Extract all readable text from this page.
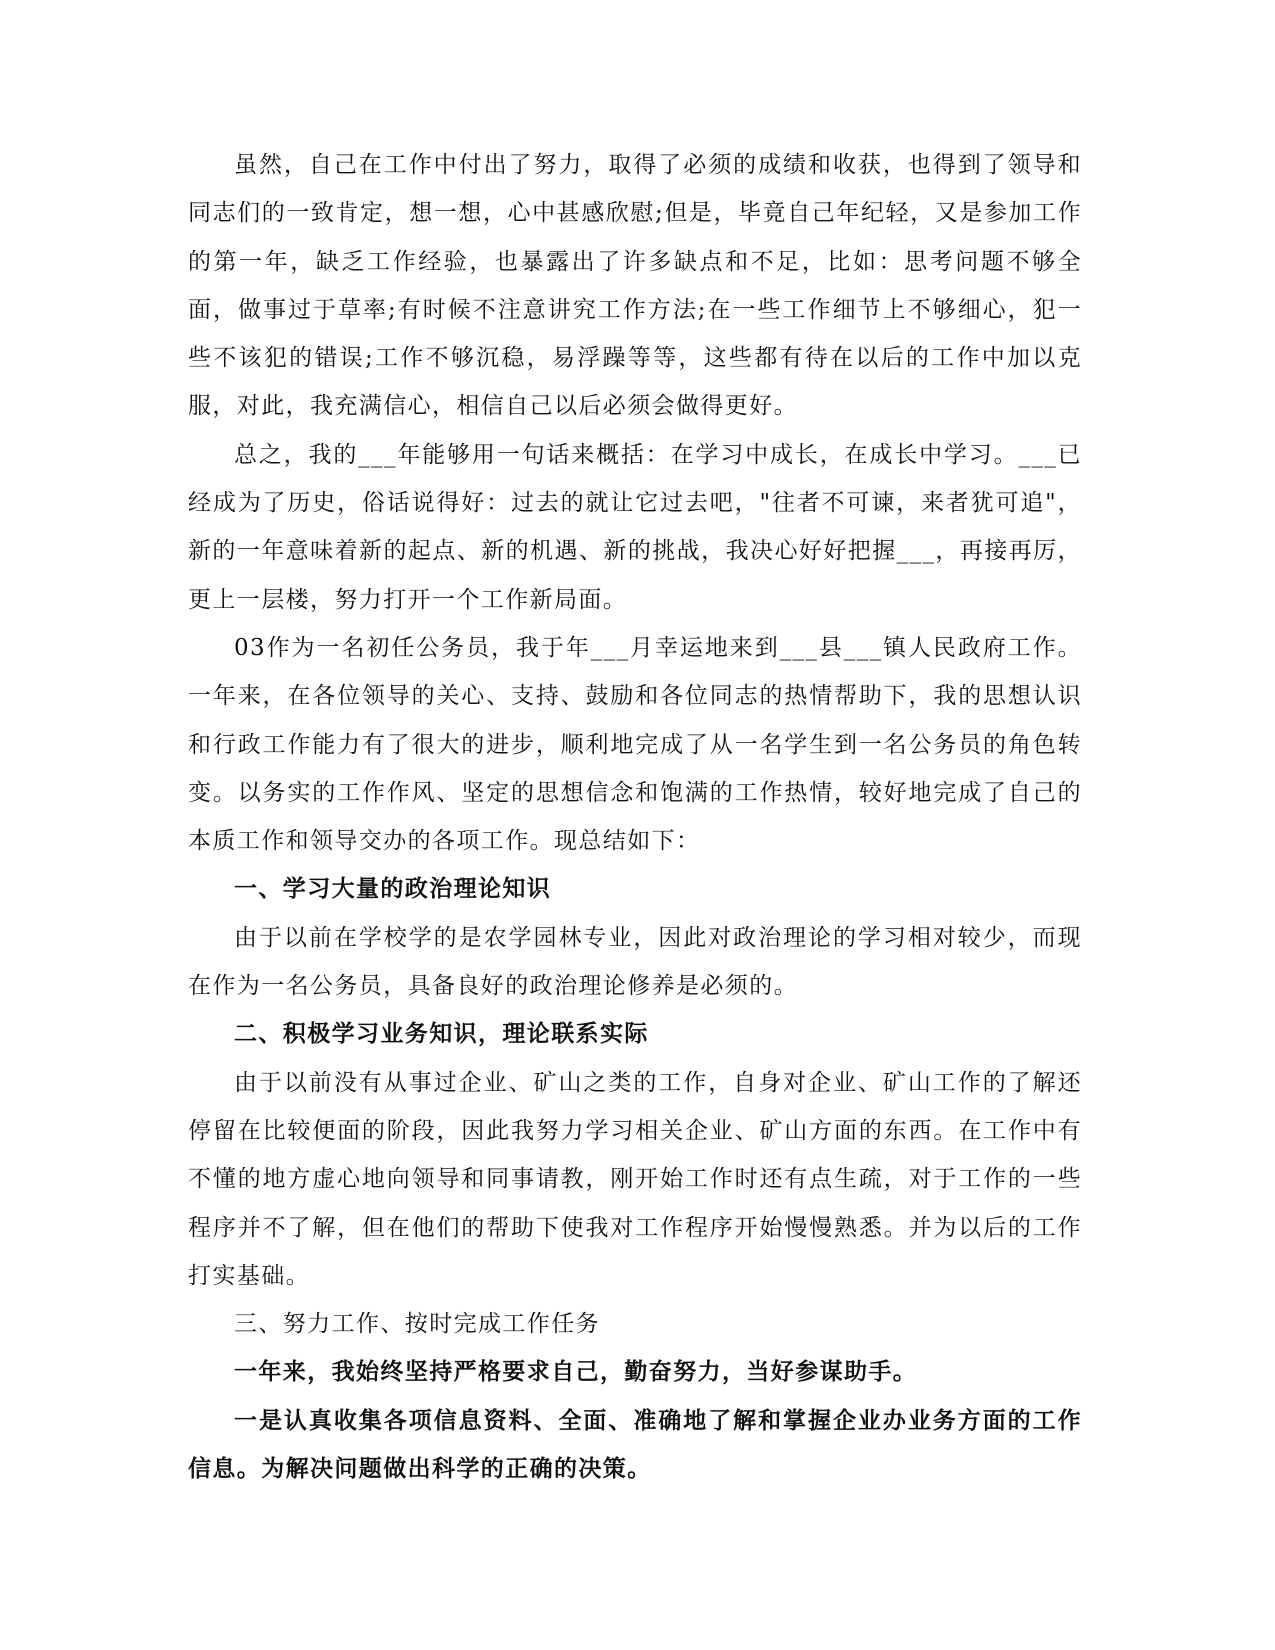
虽然，自己在工作中付出了努力，取得了必须的成绩和收获，也得到了领导和同志们的一致肯定，想一想，心中甚感欣慰;但是，毕竟自己年纪轻，又是参加工作的第一年，缺乏工作经验，也暴露出了许多缺点和不足，比如：思考问题不够全面，做事过于草率;有时候不注意讲究工作方法;在一些工作细节上不够细心，犯一些不该犯的错误;工作不够沉稳，易浮躁等等，这些都有待在以后的工作中加以克服，对此，我充满信心，相信自己以后必须会做得更好。

总之，我的___年能够用一句话来概括：在学习中成长，在成长中学习。___已经成为了历史，俗话说得好：过去的就让它过去吧，"往者不可谏，来者犹可追"，新的一年意味着新的起点、新的机遇、新的挑战，我决心好好把握___，再接再厉，更上一层楼，努力打开一个工作新局面。

03作为一名初任公务员，我于年___月幸运地来到___县___镇人民政府工作。一年来，在各位领导的关心、支持、鼓励和各位同志的热情帮助下，我的思想认识和行政工作能力有了很大的进步，顺利地完成了从一名学生到一名公务员的角色转变。以务实的工作作风、坚定的思想信念和饱满的工作热情，较好地完成了自己的本质工作和领导交办的各项工作。现总结如下：

一、学习大量的政治理论知识

由于以前在学校学的是农学园林专业，因此对政治理论的学习相对较少，而现在作为一名公务员，具备良好的政治理论修养是必须的。

二、积极学习业务知识，理论联系实际

由于以前没有从事过企业、矿山之类的工作，自身对企业、矿山工作的了解还停留在比较便面的阶段，因此我努力学习相关企业、矿山方面的东西。在工作中有不懂的地方虚心地向领导和同事请教，刚开始工作时还有点生疏，对于工作的一些程序并不了解，但在他们的帮助下使我对工作程序开始慢慢熟悉。并为以后的工作打实基础。

三、努力工作、按时完成工作任务

一年来，我始终坚持严格要求自己，勤奋努力，当好参谋助手。

一是认真收集各项信息资料、全面、准确地了解和掌握企业办业务方面的工作信息。为解决问题做出科学的正确的决策。
